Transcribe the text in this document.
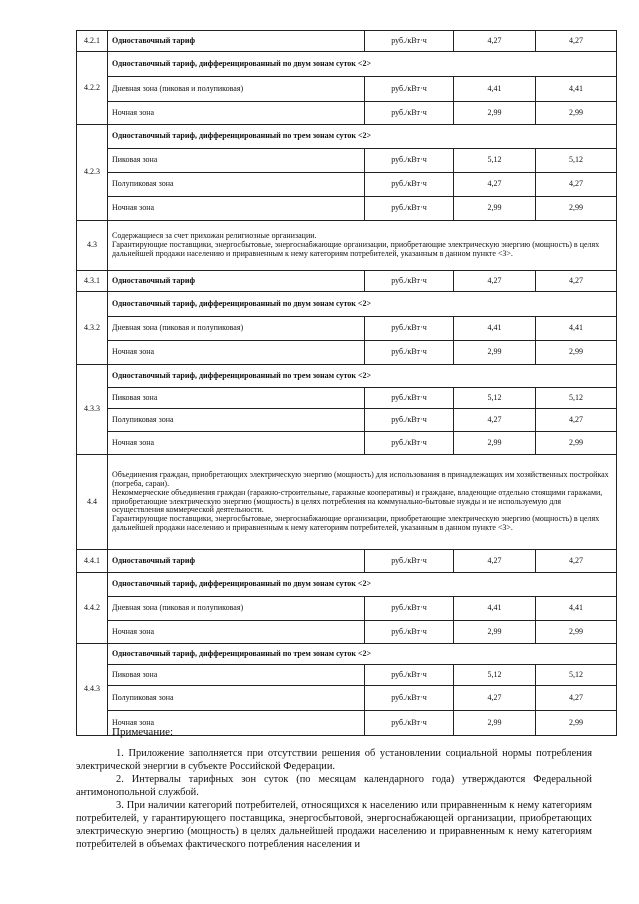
4.2.1	Одноставочный тариф	руб./кВт·ч	4,27	4,27
4.2.2	Одноставочный тариф, дифференцированный по двум зонам суток <2>			
	Дневная зона (пиковая и полупиковая)	руб./кВт·ч	4,41	4,41
	Ночная зона	руб./кВт·ч	2,99	2,99
4.2.3	Одноставочный тариф, дифференцированный по трем зонам суток <2>			
	Пиковая зона	руб./кВт·ч	5,12	5,12
	Полупиковая зона	руб./кВт·ч	4,27	4,27
	Ночная зона	руб./кВт·ч	2,99	2,99
4.3	Содержащиеся за счет прихожан религиозные организации.
Гарантирующие поставщики, энергосбытовые, энергоснабжающие организации, приобретающие электрическую энергию (мощность) в целях дальнейшей продажи населению и приравненным к нему категориям потребителей, указанным в данном пункте <3>.			

4.3.1	Одноставочный тариф	руб./кВт·ч	4,27	4,27
4.3.2	Одноставочный тариф, дифференцированный по двум зонам суток <2>			
	Дневная зона (пиковая и полупиковая)	руб./кВт·ч	4,41	4,41
	Ночная зона	руб./кВт·ч	2,99	2,99
4.3.3	Одноставочный тариф, дифференцированный по трем зонам суток <2>			
	Пиковая зона	руб./кВт·ч	5,12	5,12
	Полупиковая зона	руб./кВт·ч	4,27	4,27
	Ночная зона	руб./кВт·ч	2,99	2,99
4.4	Объединения граждан, приобретающих электрическую энергию (мощность) для использования в принадлежащих им хозяйственных постройках (погреба, сараи).
Некоммерческие объединения граждан (гаражно-строительные, гаражные кооперативы) и граждане, владеющие отдельно стоящими гаражами, приобретающие электрическую энергию (мощность) в целях потребления на коммунально-бытовые нужды и не используемую для осуществления коммерческой деятельности.
Гарантирующие поставщики, энергосбытовые, энергоснабжающие организации, приобретающие электрическую энергию (мощность) в целях дальнейшей продажи населению и приравненным к нему категориям потребителей, указанным в данном пункте <3>.			

4.4.1	Одноставочный тариф	руб./кВт·ч	4,27	4,27
4.4.2	Одноставочный тариф, дифференцированный по двум зонам суток <2>			
	Дневная зона (пиковая и полупиковая)	руб./кВт·ч	4,41	4,41
	Ночная зона	руб./кВт·ч	2,99	2,99
4.4.3	Одноставочный тариф, дифференцированный по трем зонам суток <2>			
	Пиковая зона	руб./кВт·ч	5,12	5,12
	Полупиковая зона	руб./кВт·ч	4,27	4,27
	Ночная зона	руб./кВт·ч	2,99	2,99
Примечание:

1. Приложение заполняется при отсутствии решения об установлении социальной нормы потребления электрической энергии в субъекте Российской Федерации.

2. Интервалы тарифных зон суток (по месяцам календарного года) утверждаются Федеральной антимонопольной службой.

3. При наличии категорий потребителей, относящихся к населению или приравненным к нему категориям потребителей, у гарантирующего поставщика, энергосбытовой, энергоснабжающей организации, приобретающих электрическую энергию (мощность) в целях дальнейшей продажи населению и приравненным к нему категориям потребителей в объемах фактического потребления населения и
